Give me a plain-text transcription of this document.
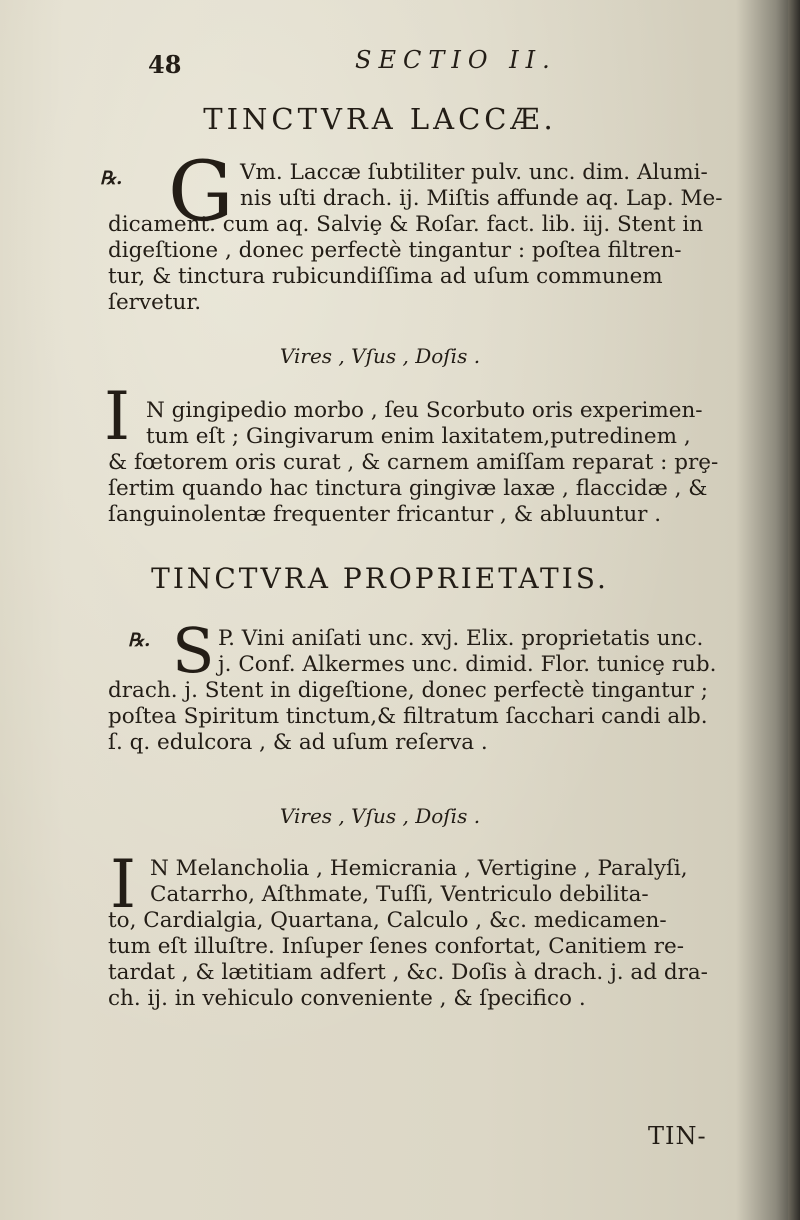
48	SECTIO II.
TINCTVRA LACCÆ.
℞. G Vm. Laccæ ſubtiliter pulv. unc. dim. Alumi-
nis uſti drach. ij. Miſtis affunde aq. Lap. Me-
dicament. cum aq. Salviȩ & Roſar. fact. lib. iij. Stent in
digeſtione , donec perfectè tingantur : poſtea filtren-
tur, & tinctura rubicundiſſima ad uſum communem
ſervetur.
Vires , Vſus , Doſis .
I N gingipedio morbo , ſeu Scorbuto oris experimen-
tum eſt ; Gingivarum enim laxitatem,putredinem ,
& fœtorem oris curat , & carnem amiſſam reparat : prȩ-
ſertim quando hac tinctura gingivæ laxæ , flaccidæ , &
ſanguinolentæ frequenter fricantur , & abluuntur .
TINCTVRA PROPRIETATIS.
℞. S P. Vini aniſati unc. xvj. Elix. proprietatis unc.
j. Conf. Alkermes unc. dimid. Flor. tunicȩ rub.
drach. j. Stent in digeſtione, donec perfectè tingantur ;
poſtea Spiritum tinctum,& filtratum ſacchari candi alb.
ſ. q. edulcora , & ad uſum reſerva .
Vires , Vſus , Doſis .
I N Melancholia , Hemicrania , Vertigine , Paralyſi,
Catarrho, Aſthmate, Tuſſi, Ventriculo debilita-
to, Cardialgia, Quartana, Calculo , &c. medicamen-
tum eſt illuſtre. Inſuper ſenes confortat, Canitiem re-
tardat , & lætitiam adfert , &c. Doſis à drach. j. ad dra-
ch. ij. in vehiculo conveniente , & ſpecifico .
TIN-
